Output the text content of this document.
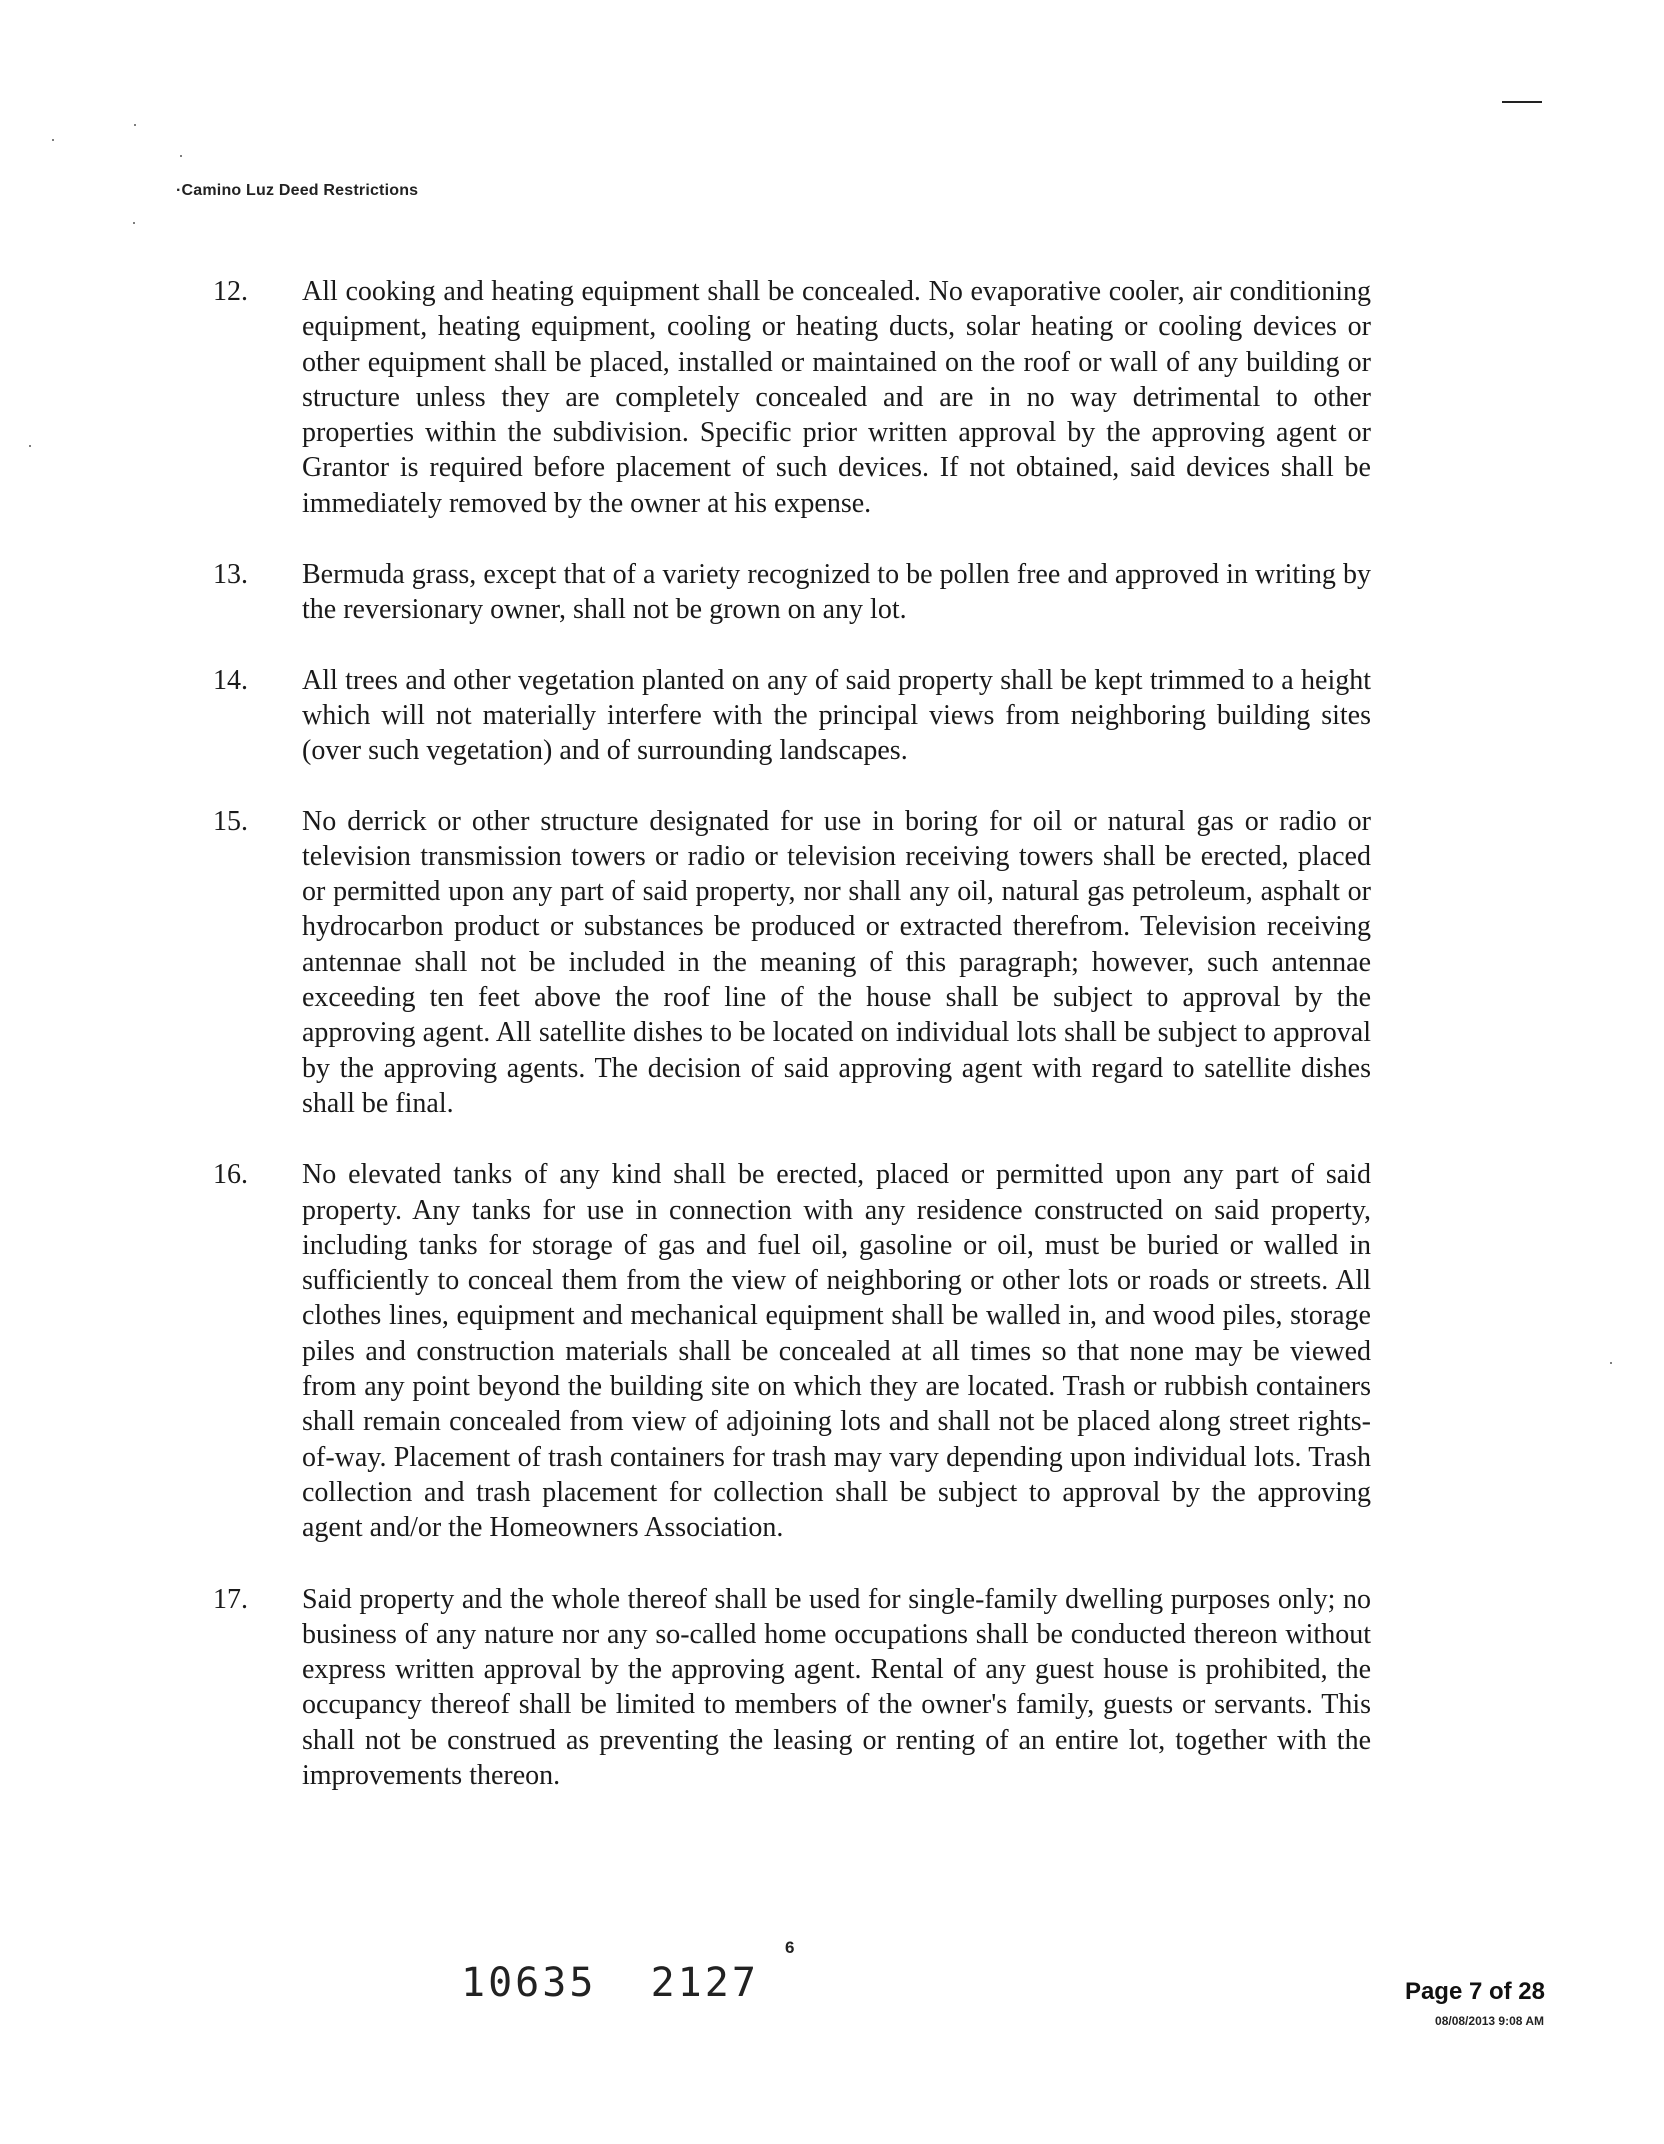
·Camino Luz Deed Restrictions
12.	All cooking and heating equipment shall be concealed. No evaporative cooler, air conditioning equipment, heating equipment, cooling or heating ducts, solar heating or cooling devices or other equipment shall be placed, installed or maintained on the roof or wall of any building or structure unless they are completely concealed and are in no way detrimental to other properties within the subdivision. Specific prior written approval by the approving agent or Grantor is required before placement of such devices. If not obtained, said devices shall be immediately removed by the owner at his expense.

13.	Bermuda grass, except that of a variety recognized to be pollen free and approved in writing by the reversionary owner, shall not be grown on any lot.

14.	All trees and other vegetation planted on any of said property shall be kept trimmed to a height which will not materially interfere with the principal views from neighboring building sites (over such vegetation) and of surrounding landscapes.

15.	No derrick or other structure designated for use in boring for oil or natural gas or radio or television transmission towers or radio or television receiving towers shall be erected, placed or permitted upon any part of said property, nor shall any oil, natural gas petroleum, asphalt or hydrocarbon product or substances be produced or extracted therefrom. Television receiving antennae shall not be included in the meaning of this paragraph; however, such antennae exceeding ten feet above the roof line of the house shall be subject to approval by the approving agent. All satellite dishes to be located on individual lots shall be subject to approval by the approving agents. The decision of said approving agent with regard to satellite dishes shall be final.

16.	No elevated tanks of any kind shall be erected, placed or permitted upon any part of said property. Any tanks for use in connection with any residence constructed on said property, including tanks for storage of gas and fuel oil, gasoline or oil, must be buried or walled in sufficiently to conceal them from the view of neighboring or other lots or roads or streets. All clothes lines, equipment and mechanical equipment shall be walled in, and wood piles, storage piles and construction materials shall be concealed at all times so that none may be viewed from any point beyond the building site on which they are located. Trash or rubbish containers shall remain concealed from view of adjoining lots and shall not be placed along street rights-of-way. Placement of trash containers for trash may vary depending upon individual lots. Trash collection and trash placement for collection shall be subject to approval by the approving agent and/or the Homeowners Association.

17.	Said property and the whole thereof shall be used for single-family dwelling purposes only; no business of any nature nor any so-called home occupations shall be conducted thereon without express written approval by the approving agent. Rental of any guest house is prohibited, the occupancy thereof shall be limited to members of the owner's family, guests or servants. This shall not be construed as preventing the leasing or renting of an entire lot, together with the improvements thereon.

10635  2127
6
Page 7 of 28
08/08/2013 9:08 AM
